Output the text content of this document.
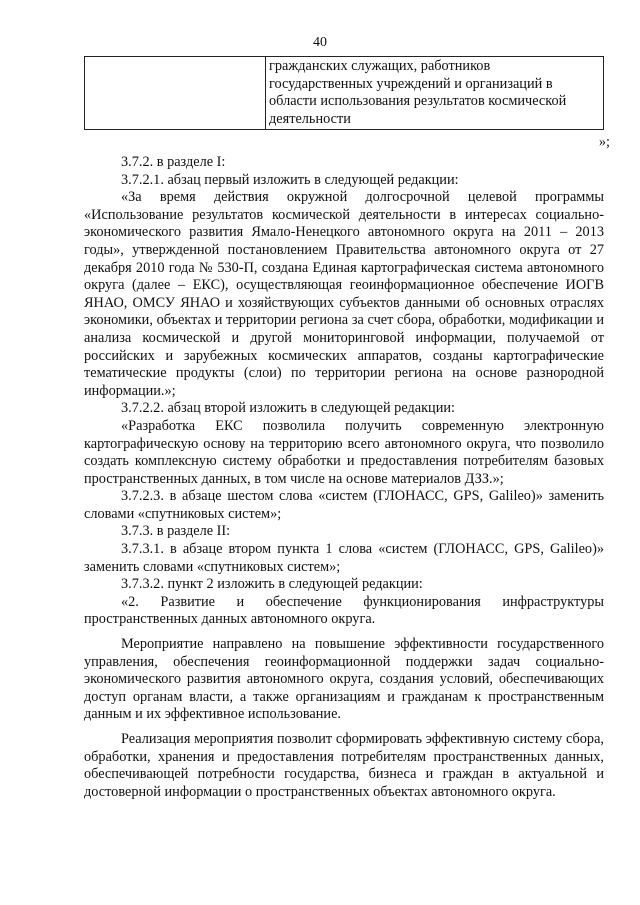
40
гражданских служащих, работников государственных учреждений и организаций в области использования результатов космической деятельности
»;

3.7.2. в разделе I:

3.7.2.1. абзац первый изложить в следующей редакции:

«За время действия окружной долгосрочной целевой программы «Использование результатов космической деятельности в интересах социально-экономического развития Ямало-Ненецкого автономного округа на 2011 – 2013 годы», утвержденной постановлением Правительства автономного округа от 27 декабря 2010 года № 530-П, создана Единая картографическая система автономного округа (далее – ЕКС), осуществляющая геоинформационное обеспечение ИОГВ ЯНАО, ОМСУ ЯНАО и хозяйствующих субъектов данными об основных отраслях экономики, объектах и территории региона за счет сбора, обработки, модификации и анализа космической и другой мониторинговой информации, получаемой от российских и зарубежных космических аппаратов, созданы картографические тематические продукты (слои) по территории региона на основе разнородной информации.»;

3.7.2.2. абзац второй изложить в следующей редакции:

«Разработка ЕКС позволила получить современную электронную картографическую основу на территорию всего автономного округа, что позволило создать комплексную систему обработки и предоставления потребителям базовых пространственных данных, в том числе на основе материалов ДЗЗ.»;

3.7.2.3. в абзаце шестом слова «систем (ГЛОНАСС, GPS, Galileo)» заменить словами «спутниковых систем»;

3.7.3. в разделе II:

3.7.3.1. в абзаце втором пункта 1 слова «систем (ГЛОНАСС, GPS, Galileo)» заменить словами «спутниковых систем»;

3.7.3.2. пункт 2 изложить в следующей редакции:

«2. Развитие и обеспечение функционирования инфраструктуры пространственных данных автономного округа.

Мероприятие направлено на повышение эффективности государственного управления, обеспечения геоинформационной поддержки задач социально-экономического развития автономного округа, создания условий, обеспечивающих доступ органам власти, а также организациям и гражданам к пространственным данным и их эффективное использование.

Реализация мероприятия позволит сформировать эффективную систему сбора, обработки, хранения и предоставления потребителям пространственных данных, обеспечивающей потребности государства, бизнеса и граждан в актуальной и достоверной информации о пространственных объектах автономного округа.
